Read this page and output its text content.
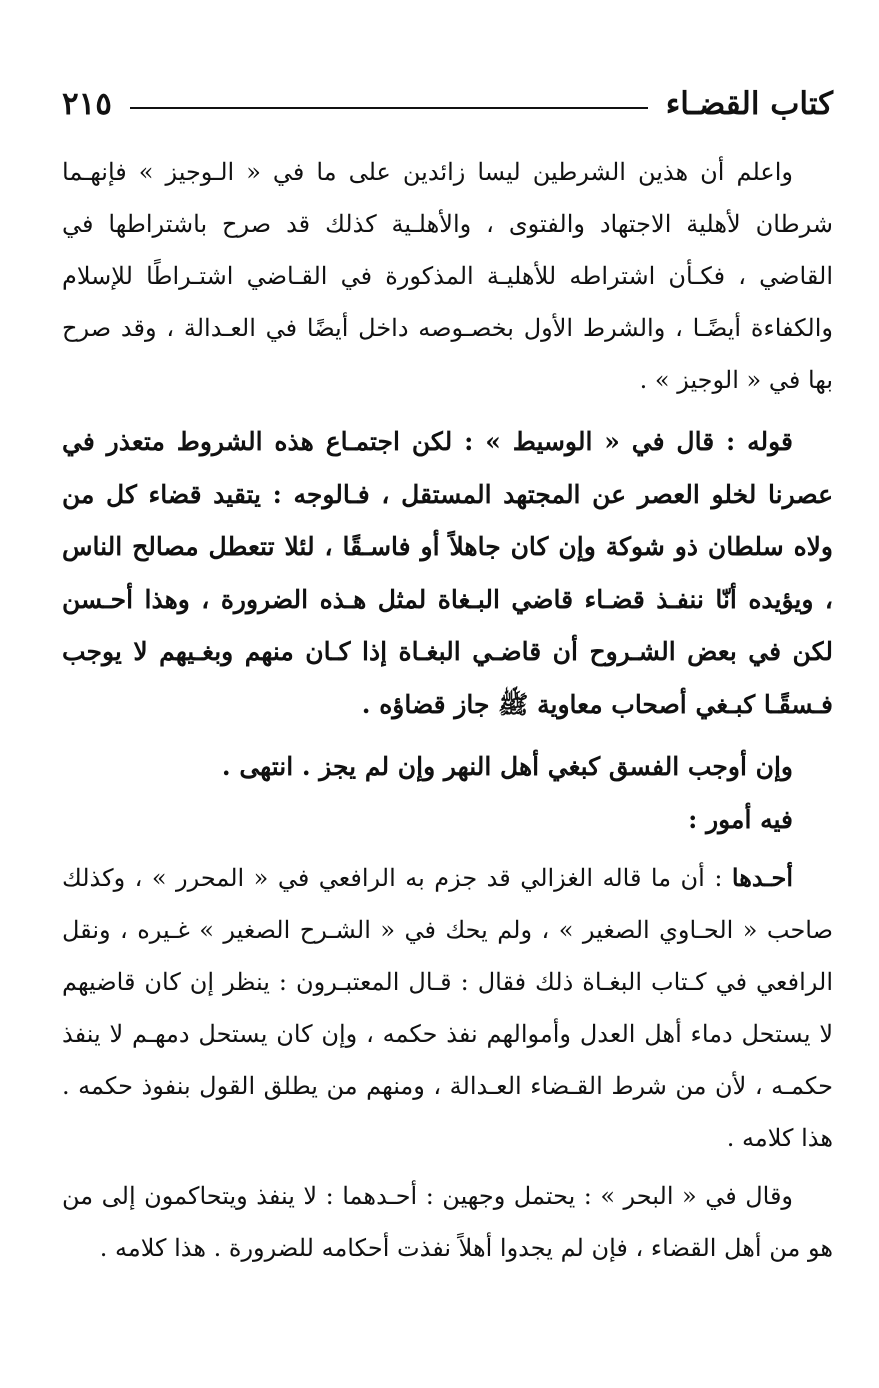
كتاب القضـاء
٢١٥

واعلم أن هذين الشرطين ليسا زائدين على ما في « الـوجيز » فإنهـما شرطان لأهلية الاجتهاد والفتوى ، والأهلـية كذلك قد صرح باشتراطها في القاضي ، فكـأن اشتراطه للأهليـة المذكورة في القـاضي اشتـراطًا للإسلام والكفاءة أيضًـا ، والشرط الأول بخصـوصه داخل أيضًا في العـدالة ، وقد صرح بها في « الوجيز » .

قوله : قال في « الوسيط » : لكن اجتمـاع هذه الشروط متعذر في عصرنا لخلو العصر عن المجتهد المستقل ، فـالوجه : يتقيد قضاء كل من ولاه سلطان ذو شوكة وإن كان جاهلاً أو فاسـقًا ، لئلا تتعطل مصالح الناس ، ويؤيده أنّا ننفـذ قضـاء قاضي البـغاة لمثل هـذه الضرورة ، وهذا أحـسن لكن في بعض الشـروح أن قاضـي البغـاة إذا كـان منهم وبغـيهم لا يوجب فـسقًـا كبـغي أصحاب معاوية ﷺ جاز قضاؤه .

وإن أوجب الفسق كبغي أهل النهر وإن لم يجز . انتهى .

فيه أمور :

أحـدها : أن ما قاله الغزالي قد جزم به الرافعي في « المحرر » ، وكذلك صاحب « الحـاوي الصغير » ، ولم يحك في « الشـرح الصغير » غـيره ، ونقل الرافعي في كـتاب البغـاة ذلك فقال : قـال المعتبـرون : ينظر إن كان قاضيهم لا يستحل دماء أهل العدل وأموالهم نفذ حكمه ، وإن كان يستحل دمهـم لا ينفذ حكمـه ، لأن من شرط القـضاء العـدالة ، ومنهم من يطلق القول بنفوذ حكمه . هذا كلامه .

وقال في « البحر » : يحتمل وجهين : أحـدهما : لا ينفذ ويتحاكمون إلى من هو من أهل القضاء ، فإن لم يجدوا أهلاً نفذت أحكامه للضرورة . هذا كلامه .
